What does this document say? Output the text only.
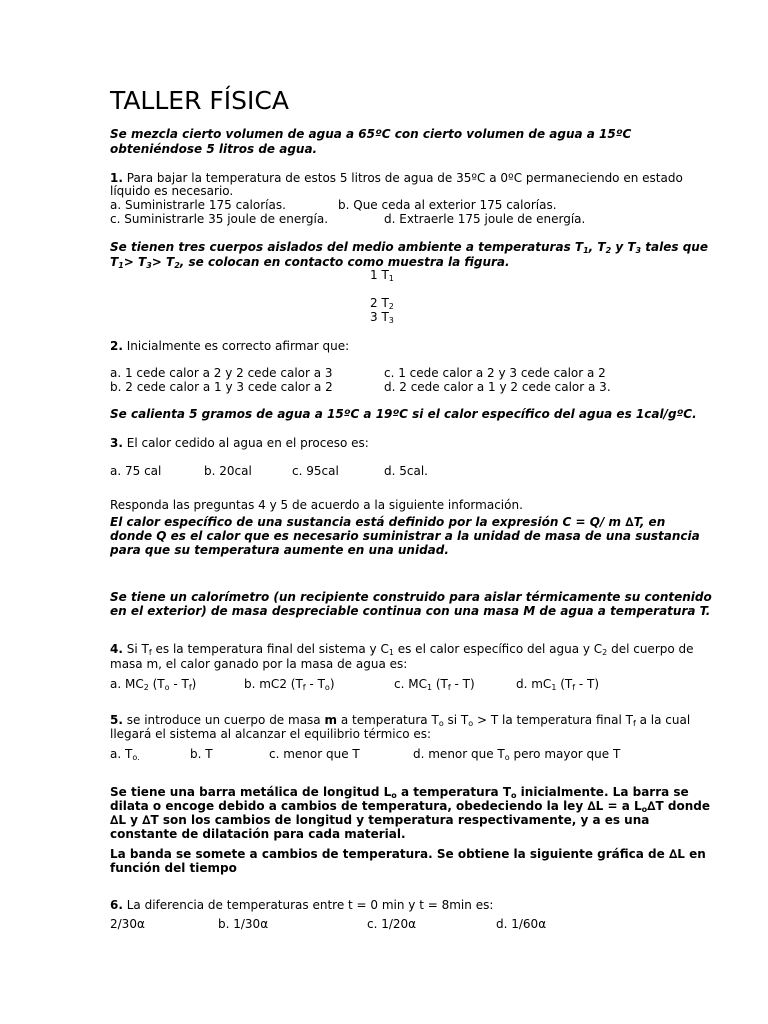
TALLER FÍSICA
Se mezcla cierto volumen de agua a 65ºC con cierto volumen de agua a 15ºC
obteniéndose 5 litros de agua.
1. Para bajar la temperatura de estos 5 litros de agua de 35ºC a 0ºC permaneciendo en estado
líquido es necesario.
a. Suministrarle 175 calorías.	b. Que ceda al exterior 175 calorías.
c. Suministrarle 35 joule de energía.	d. Extraerle 175 joule de energía.
Se tienen tres cuerpos aislados del medio ambiente a temperaturas $T_1$, $T_2$ y $T_3$ tales que
$T_1> T_3> T_2$, se colocan en contacto como muestra la figura.
1 $T_1$
2 $T_2$
3 $T_3$
2. Inicialmente es correcto afirmar que:
a. 1 cede calor a 2 y 2 cede calor a 3	c. 1 cede calor a 2 y 3 cede calor a 2
b. 2 cede calor a 1 y 3 cede calor a 2	d. 2 cede calor a 1 y 2 cede calor a 3.
Se calienta 5 gramos de agua a 15ºC a 19ºC si el calor específico del agua es 1cal/gºC.
3. El calor cedido al agua en el proceso es:
a. 75 cal	b. 20cal	c. 95cal	d. 5cal.
Responda las preguntas 4 y 5 de acuerdo a la siguiente información.
El calor específico de una sustancia está definido por la expresión C = Q/ m ∆T, en
donde Q es el calor que es necesario suministrar a la unidad de masa de una sustancia
para que su temperatura aumente en una unidad.
Se tiene un calorímetro (un recipiente construido para aislar térmicamente su contenido
en el exterior) de masa despreciable continua con una masa M de agua a temperatura T.
4. Si $T_f$ es la temperatura final del sistema y $C_1$ es el calor específico del agua y $C_2$ del cuerpo de
masa m, el calor ganado por la masa de agua es:
a. $MC_2$ $(T_o - T_f)$	b. mC2 $(T_f - T_o)$	c. $MC_1$ $(T_f - T)$	d. $mC_1$ $(T_f - T)$
5. se introduce un cuerpo de masa m a temperatura $T_o$ si $T_o > T$ la temperatura final $T_f$ a la cual
llegará el sistema al alcanzar el equilibrio térmico es:
a. $T_{o.}$	b. T	c. menor que T	d. menor que $T_o$ pero mayor que T
Se tiene una barra metálica de longitud $L_o$ a temperatura $T_o$ inicialmente. La barra se
dilata o encoge debido a cambios de temperatura, obedeciendo la ley ∆L = a $L_o\Delta T$ donde
∆L y ∆T son los cambios de longitud y temperatura respectivamente, y a es una
constante de dilatación para cada material.
La banda se somete a cambios de temperatura. Se obtiene la siguiente gráfica de ∆L en
función del tiempo
6. La diferencia de temperaturas entre t = 0 min y t = 8min es:
2/30α	b. 1/30α	c. 1/20α	d. 1/60α
